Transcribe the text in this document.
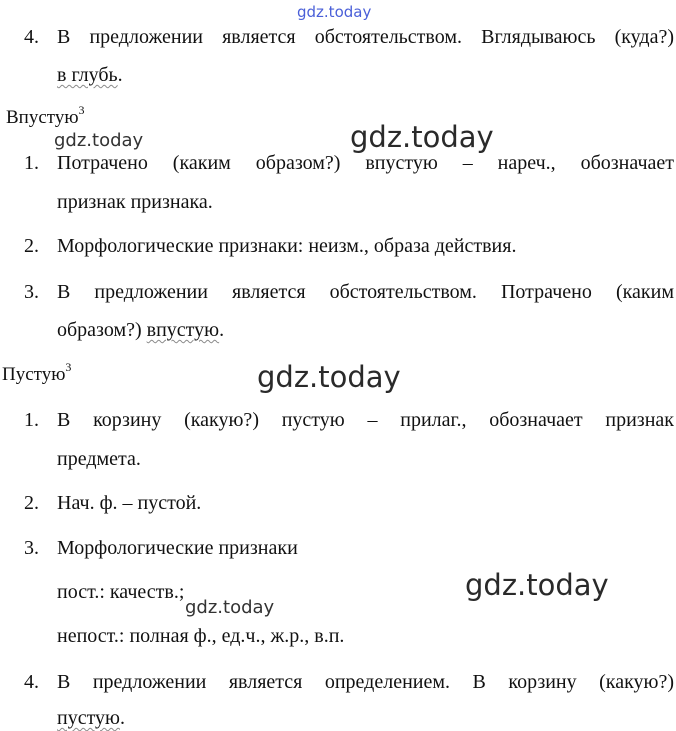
gdz.today
gdz.today	gdz.today
gdz.today
gdz.today
gdz.today
4. В предложении является обстоятельством. Вглядываюсь (куда?)
в глубь.
Впустую$^3$
1. Потрачено (каким образом?) впустую – нареч., обозначает
признак признака.
2. Морфологические признаки: неизм., образа действия.
3. В предложении является обстоятельством. Потрачено (каким
образом?) впустую.
Пустую$^3$
1. В корзину (какую?) пустую – прилаг., обозначает признак
предмета.
2. Нач. ф. – пустой.
3. Морфологические признаки
пост.: качеств.;
непост.: полная ф., ед.ч., ж.р., в.п.
4. В предложении является определением. В корзину (какую?)
пустую.
